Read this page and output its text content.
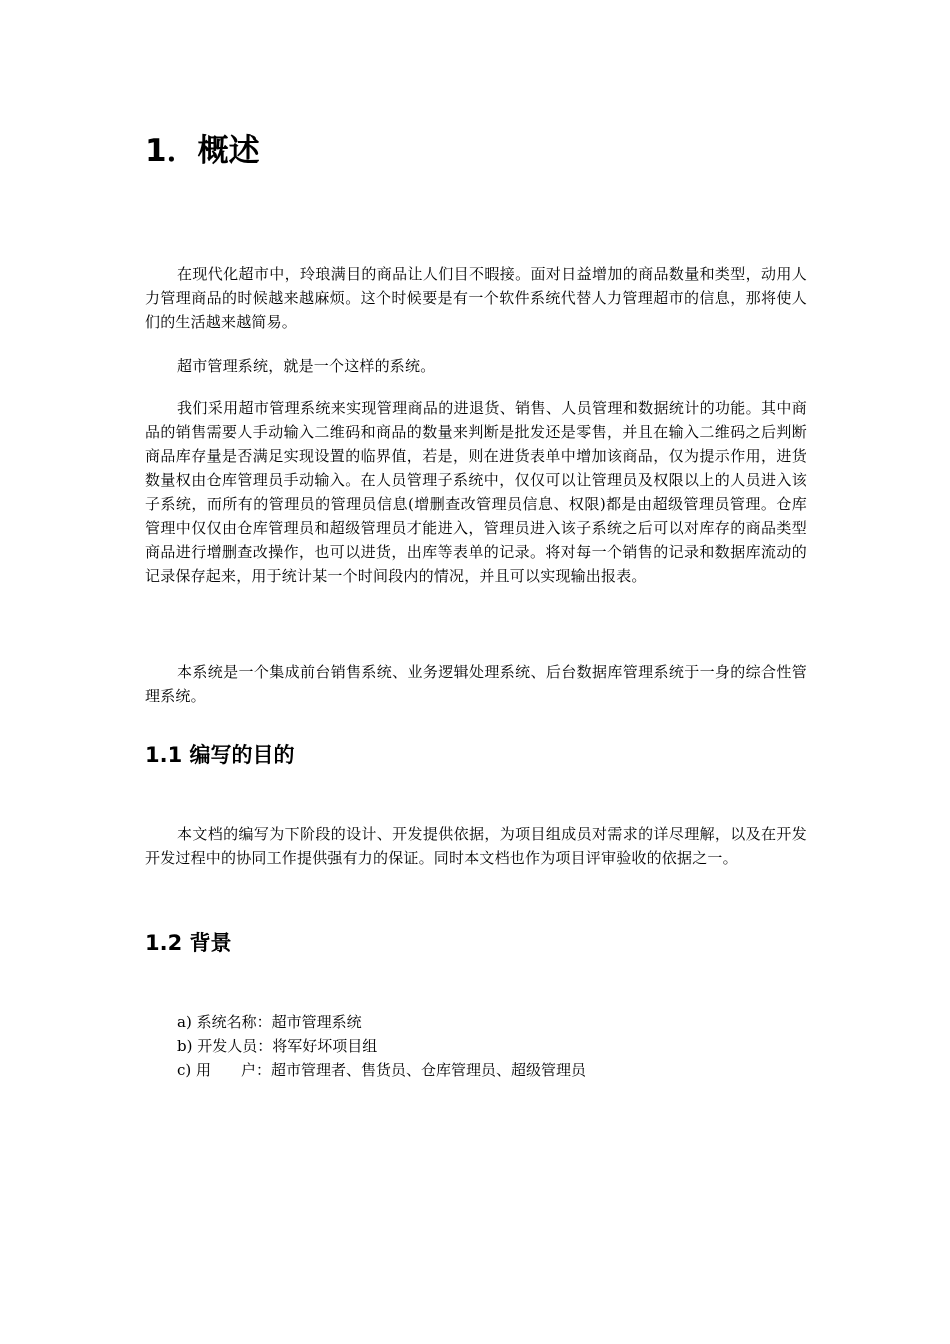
1．概述

在现代化超市中，玲琅满目的商品让人们目不暇接。面对日益增加的商品数量和类型，动用人力管理商品的时候越来越麻烦。这个时候要是有一个软件系统代替人力管理超市的信息，那将使人们的生活越来越简易。

超市管理系统，就是一个这样的系统。

我们采用超市管理系统来实现管理商品的进退货、销售、人员管理和数据统计的功能。其中商品的销售需要人手动输入二维码和商品的数量来判断是批发还是零售，并且在输入二维码之后判断商品库存量是否满足实现设置的临界值，若是，则在进货表单中增加该商品，仅为提示作用，进货数量权由仓库管理员手动输入。在人员管理子系统中，仅仅可以让管理员及权限以上的人员进入该子系统，而所有的管理员的管理员信息(增删查改管理员信息、权限)都是由超级管理员管理。仓库管理中仅仅由仓库管理员和超级管理员才能进入，管理员进入该子系统之后可以对库存的商品类型商品进行增删查改操作，也可以进货，出库等表单的记录。将对每一个销售的记录和数据库流动的记录保存起来，用于统计某一个时间段内的情况，并且可以实现输出报表。

本系统是一个集成前台销售系统、业务逻辑处理系统、后台数据库管理系统于一身的综合性管理系统。

1.1 编写的目的

本文档的编写为下阶段的设计、开发提供依据，为项目组成员对需求的详尽理解，以及在开发开发过程中的协同工作提供强有力的保证。同时本文档也作为项目评审验收的依据之一。

1.2 背景
a) 系统名称：超市管理系统
b) 开发人员：将军好坏项目组
c) 用　　户：超市管理者、售货员、仓库管理员、超级管理员
